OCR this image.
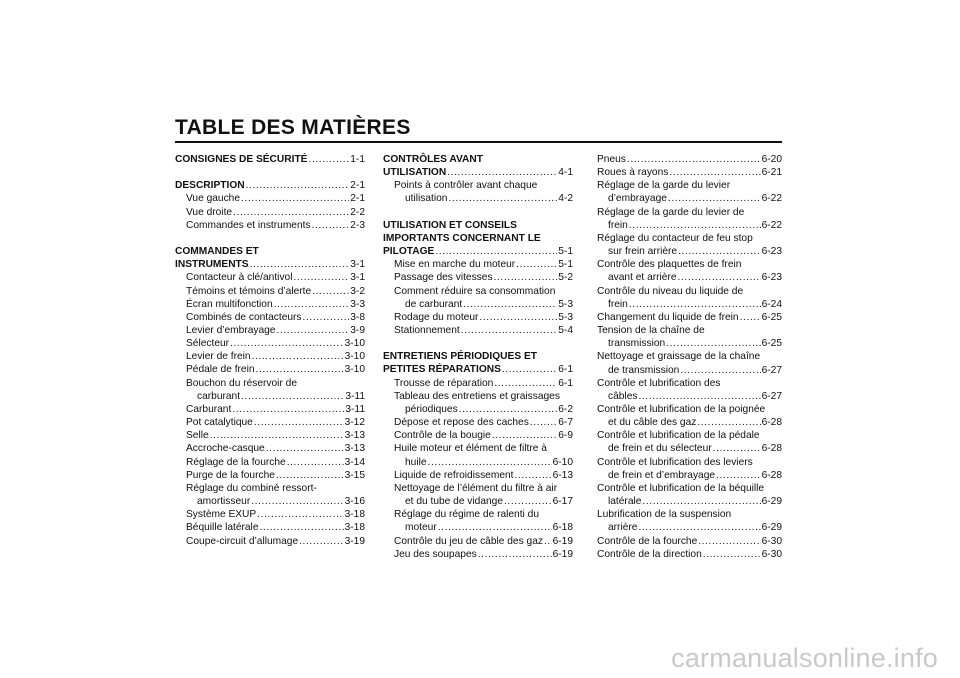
TABLE DES MATIÈRES
CONSIGNES DE SÉCURITÉ .....	1-1
DESCRIPTION .....	2-1
Vue gauche .....	2-1
Vue droite .....	2-2
Commandes et instruments .....	2-3
COMMANDES ET
INSTRUMENTS .....	3-1
Contacteur à clé/antivol .....	3-1
Témoins et témoins d’alerte .....	3-2
Écran multifonction .....	3-3
Combinés de contacteurs .....	3-8
Levier d’embrayage .....	3-9
Sélecteur .....	3-10
Levier de frein .....	3-10
Pédale de frein .....	3-10
Bouchon du réservoir de
carburant .....	3-11
Carburant .....	3-11
Pot catalytique .....	3-12
Selle .....	3-13
Accroche-casque .....	3-13
Réglage de la fourche .....	3-14
Purge de la fourche .....	3-15
Réglage du combiné ressort-
amortisseur .....	3-16
Système EXUP .....	3-18
Béquille latérale .....	3-18
Coupe-circuit d’allumage .....	3-19
CONTRÔLES AVANT
UTILISATION .....	4-1
Points à contrôler avant chaque
utilisation .....	4-2
UTILISATION ET CONSEILS
IMPORTANTS CONCERNANT LE
PILOTAGE .....	5-1
Mise en marche du moteur .....	5-1
Passage des vitesses .....	5-2
Comment réduire sa consommation
de carburant .....	5-3
Rodage du moteur .....	5-3
Stationnement .....	5-4
ENTRETIENS PÉRIODIQUES ET
PETITES RÉPARATIONS .....	6-1
Trousse de réparation .....	6-1
Tableau des entretiens et graissages
périodiques .....	6-2
Dépose et repose des caches .....	6-7
Contrôle de la bougie .....	6-9
Huile moteur et élément de filtre à
huile .....	6-10
Liquide de refroidissement .....	6-13
Nettoyage de l’élément du filtre à air
et du tube de vidange .....	6-17
Réglage du régime de ralenti du
moteur .....	6-18
Contrôle du jeu de câble des gaz ..... 6-19
Jeu des soupapes .....	6-19
Pneus .....	6-20
Roues à rayons .....	6-21
Réglage de la garde du levier
d’embrayage .....	6-22
Réglage de la garde du levier de
frein .....	6-22
Réglage du contacteur de feu stop
sur frein arrière .....	6-23
Contrôle des plaquettes de frein
avant et arrière .....	6-23
Contrôle du niveau du liquide de
frein .....	6-24
Changement du liquide de frein ..... 6-25
Tension de la chaîne de
transmission .....	6-25
Nettoyage et graissage de la chaîne
de transmission .....	6-27
Contrôle et lubrification des
câbles .....	6-27
Contrôle et lubrification de la poignée
et du câble des gaz .....	6-28
Contrôle et lubrification de la pédale
de frein et du sélecteur .....	6-28
Contrôle et lubrification des leviers
de frein et d’embrayage .....	6-28
Contrôle et lubrification de la béquille
latérale .....	6-29
Lubrification de la suspension
arrière .....	6-29
Contrôle de la fourche .....	6-30
Contrôle de la direction .....	6-30
carmanualsonline.info
